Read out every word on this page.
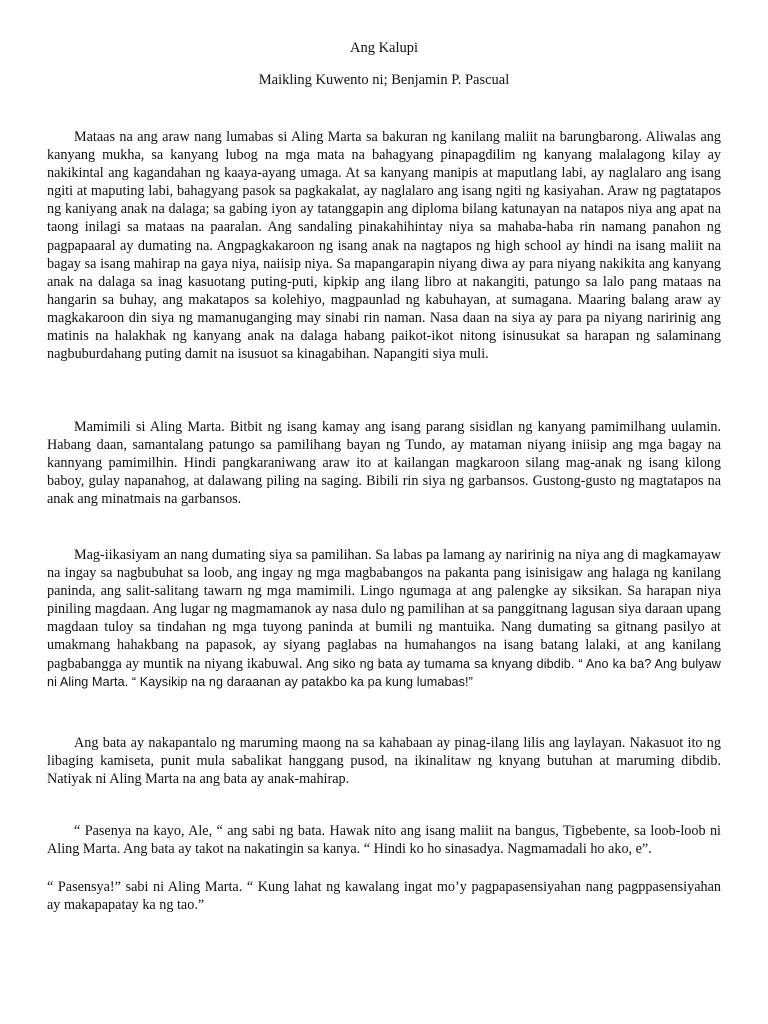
Ang Kalupi
Maikling Kuwento ni; Benjamin P. Pascual

Mataas na ang araw nang lumabas si Aling Marta sa bakuran ng kanilang maliit na barungbarong. Aliwalas ang kanyang mukha, sa kanyang lubog na mga mata na bahagyang pinapagdilim ng kanyang malalagong kilay ay nakikintal ang kagandahan ng kaaya-ayang umaga. At sa kanyang manipis at maputlang labi, ay naglalaro ang isang ngiti at maputing labi, bahagyang pasok sa pagkakalat, ay naglalaro ang isang ngiti ng kasiyahan. Araw ng pagtatapos ng kaniyang anak na dalaga; sa gabing iyon ay tatanggapin ang diploma bilang katunayan na natapos niya ang apat na taong inilagi sa mataas na paaralan. Ang sandaling pinakahihintay niya sa mahaba-haba rin namang panahon ng pagpapaaral ay dumating na. Angpagkakaroon ng isang anak na nagtapos ng high school ay hindi na isang maliit na bagay sa isang mahirap na gaya niya, naiisip niya. Sa mapangarapin niyang diwa ay para niyang nakikita ang kanyang anak na dalaga sa inag kasuotang puting-puti, kipkip ang ilang libro at nakangiti, patungo sa lalo pang mataas na hangarin sa buhay, ang makatapos sa kolehiyo, magpaunlad ng kabuhayan, at sumagana. Maaring balang araw ay magkakaroon din siya ng mamanuganging may sinabi rin naman. Nasa daan na siya ay para pa niyang naririnig ang matinis na halakhak ng kanyang anak na dalaga habang paikot-ikot nitong isinusukat sa harapan ng salaminang nagbuburdahang puting damit na isusuot sa kinagabihan. Napangiti siya muli.

Mamimili si Aling Marta. Bitbit ng isang kamay ang isang parang sisidlan ng kanyang pamimilhang uulamin. Habang daan, samantalang patungo sa pamilihang bayan ng Tundo, ay mataman niyang iniisip ang mga bagay na kannyang pamimilhin. Hindi pangkaraniwang araw ito at kailangan magkaroon silang mag-anak ng isang kilong baboy, gulay napanahog, at dalawang piling na saging. Bibili rin siya ng garbansos. Gustong-gusto ng magtatapos na anak ang minatmais na garbansos.

Mag-iikasiyam an nang dumating siya sa pamilihan. Sa labas pa lamang ay naririnig na niya ang di magkamayaw na ingay sa nagbubuhat sa loob, ang ingay ng mga magbabangos na pakanta pang isinisigaw ang halaga ng kanilang paninda, ang salit-salitang tawarn ng mga mamimili. Lingo ngumaga at ang palengke ay siksikan. Sa harapan niya piniling magdaan. Ang lugar ng magmamanok ay nasa dulo ng pamilihan at sa panggitnang lagusan siya daraan upang magdaan tuloy sa tindahan ng mga tuyong paninda at bumili ng mantuika. Nang dumating sa gitnang pasilyo at umakmang hahakbang na papasok, ay siyang paglabas na humahangos na isang batang lalaki, at ang kanilang pagbabangga ay muntik na niyang ikabuwal. Ang siko ng bata ay tumama sa knyang dibdib. “ Ano ka ba? Ang bulyaw ni Aling Marta. “ Kaysikip na ng daraanan ay patakbo ka pa kung lumabas!”

Ang bata ay nakapantalo ng maruming maong na sa kahabaan ay pinag-ilang lilis ang laylayan. Nakasuot ito ng libaging kamiseta, punit mula sabalikat hanggang pusod, na ikinalitaw ng knyang butuhan at maruming dibdib. Natiyak ni Aling Marta na ang bata ay anak-mahirap.

“ Pasenya na kayo, Ale, “ ang sabi ng bata. Hawak nito ang isang maliit na bangus, Tigbebente, sa loob-loob ni Aling Marta. Ang bata ay takot na nakatingin sa kanya. “ Hindi ko ho sinasadya. Nagmamadali ho ako, e”.

“ Pasensya!” sabi ni Aling Marta. “ Kung lahat ng kawalang ingat mo’y pagpapasensiyahan nang pagppasensiyahan ay makapapatay ka ng tao.”
